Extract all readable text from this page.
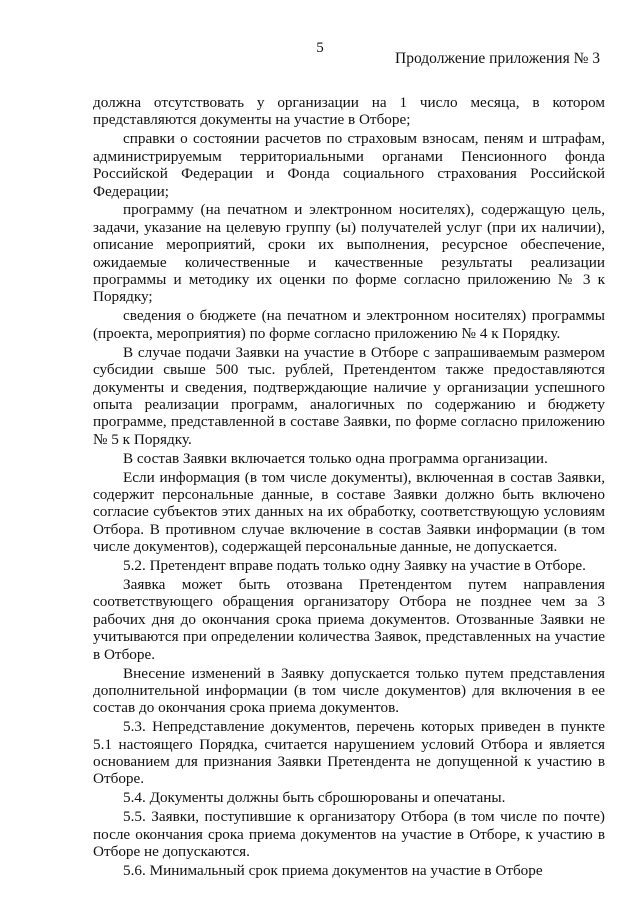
5
Продолжение приложения № 3

должна отсутствовать у организации на 1 число месяца, в котором представляются документы на участие в Отборе;

справки о состоянии расчетов по страховым взносам, пеням и штрафам, администрируемым территориальными органами Пенсионного фонда Российской Федерации и Фонда социального страхования Российской Федерации;

программу (на печатном и электронном носителях), содержащую цель, задачи, указание на целевую группу (ы) получателей услуг (при их наличии), описание мероприятий, сроки их выполнения, ресурсное обеспечение, ожидаемые количественные и качественные результаты реализации программы и методику их оценки по форме согласно приложению № 3 к Порядку;

сведения о бюджете (на печатном и электронном носителях) программы (проекта, мероприятия) по форме согласно приложению № 4 к Порядку.

В случае подачи Заявки на участие в Отборе с запрашиваемым размером субсидии свыше 500 тыс. рублей, Претендентом также предоставляются документы и сведения, подтверждающие наличие у организации успешного опыта реализации программ, аналогичных по содержанию и бюджету программе, представленной в составе Заявки, по форме согласно приложению № 5 к Порядку.

В состав Заявки включается только одна программа организации.

Если информация (в том числе документы), включенная в состав Заявки, содержит персональные данные, в составе Заявки должно быть включено согласие субъектов этих данных на их обработку, соответствующую условиям Отбора. В противном случае включение в состав Заявки информации (в том числе документов), содержащей персональные данные, не допускается.

5.2. Претендент вправе подать только одну Заявку на участие в Отборе.

Заявка может быть отозвана Претендентом путем направления соответствующего обращения организатору Отбора не позднее чем за 3 рабочих дня до окончания срока приема документов. Отозванные Заявки не учитываются при определении количества Заявок, представленных на участие в Отборе.

Внесение изменений в Заявку допускается только путем представления дополнительной информации (в том числе документов) для включения в ее состав до окончания срока приема документов.

5.3. Непредставление документов, перечень которых приведен в пункте 5.1 настоящего Порядка, считается нарушением условий Отбора и является основанием для признания Заявки Претендента не допущенной к участию в Отборе.

5.4. Документы должны быть сброшюрованы и опечатаны.

5.5. Заявки, поступившие к организатору Отбора (в том числе по почте) после окончания срока приема документов на участие в Отборе, к участию в Отборе не допускаются.

5.6. Минимальный срок приема документов на участие в Отборе
